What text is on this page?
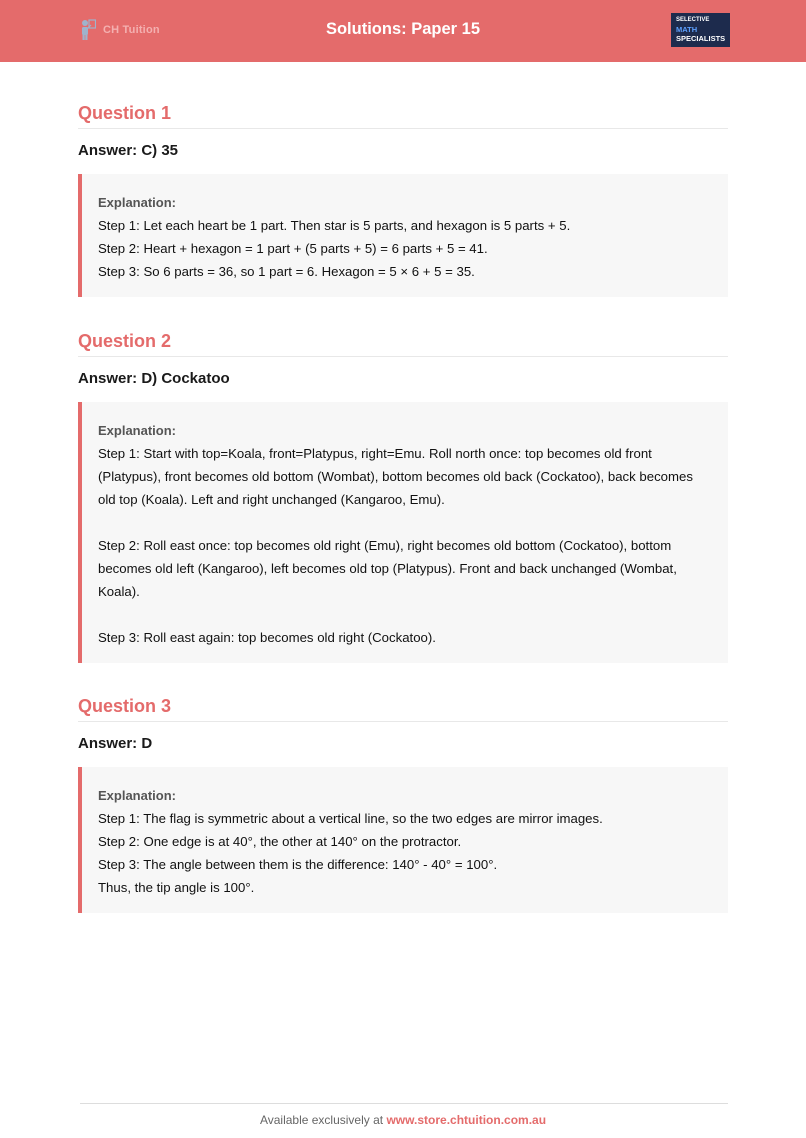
CH Tuition	Solutions: Paper 15	SELECTIVE
MATH
SPECIALISTS
Question 1
Answer: C) 35
Explanation:
Step 1: Let each heart be 1 part. Then star is 5 parts, and hexagon is 5 parts + 5.
Step 2: Heart + hexagon = 1 part + (5 parts + 5) = 6 parts + 5 = 41.
Step 3: So 6 parts = 36, so 1 part = 6. Hexagon = 5 × 6 + 5 = 35.
Question 2
Answer: D) Cockatoo
Explanation:
Step 1: Start with top=Koala, front=Platypus, right=Emu. Roll north once: top becomes old front (Platypus), front becomes old bottom (Wombat), bottom becomes old back (Cockatoo), back becomes old top (Koala). Left and right unchanged (Kangaroo, Emu).
Step 2: Roll east once: top becomes old right (Emu), right becomes old bottom (Cockatoo), bottom becomes old left (Kangaroo), left becomes old top (Platypus). Front and back unchanged (Wombat, Koala).
Step 3: Roll east again: top becomes old right (Cockatoo).
Question 3
Answer: D
Explanation:
Step 1: The flag is symmetric about a vertical line, so the two edges are mirror images.
Step 2: One edge is at 40°, the other at 140° on the protractor.
Step 3: The angle between them is the difference: 140° - 40° = 100°.
Thus, the tip angle is 100°.
Available exclusively at www.store.chtuition.com.au
